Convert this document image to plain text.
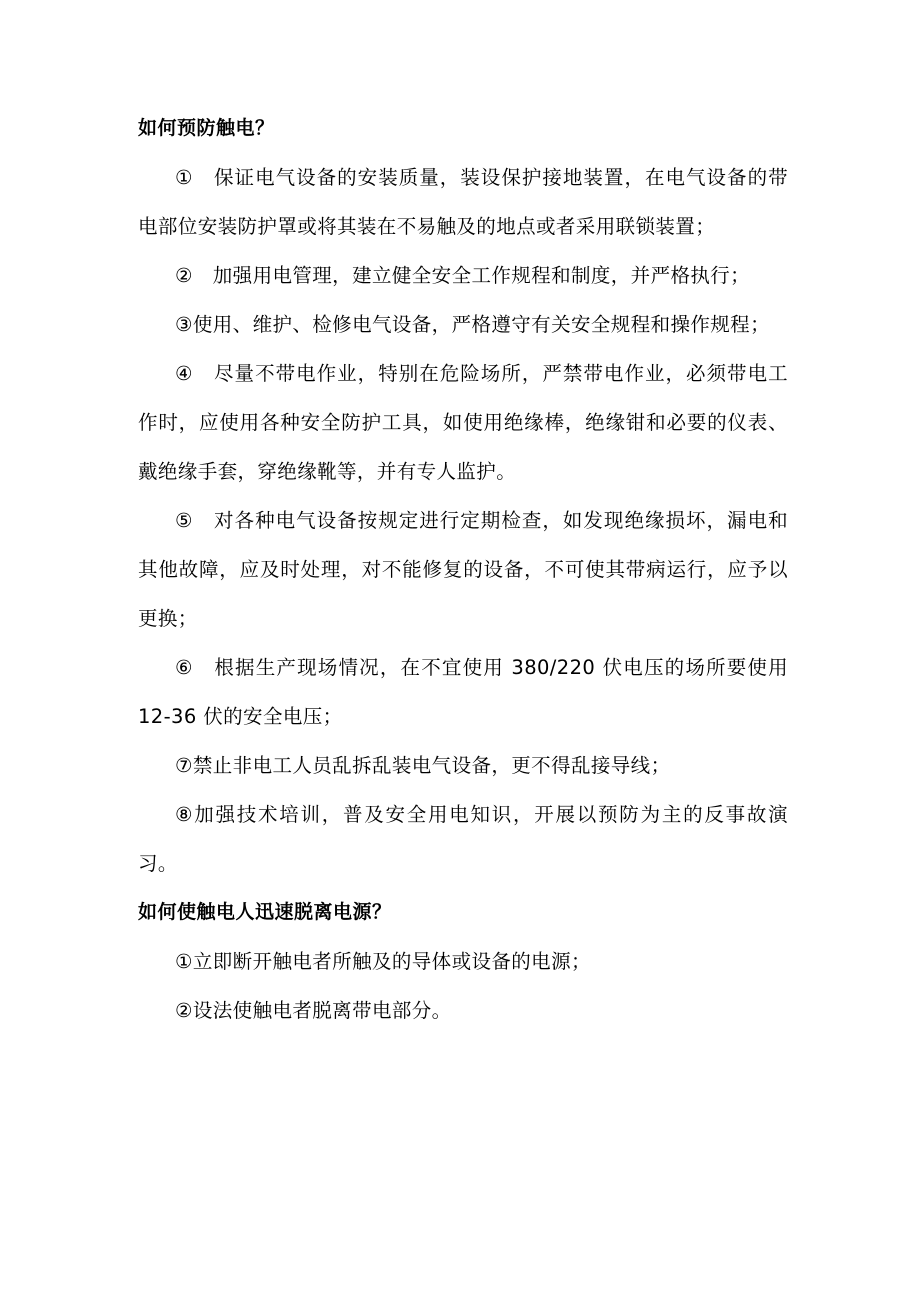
如何预防触电？

①　保证电气设备的安装质量，装设保护接地装置，在电气设备的带电部位安装防护罩或将其装在不易触及的地点或者采用联锁装置；

②　加强用电管理，建立健全安全工作规程和制度，并严格执行；

③使用、维护、检修电气设备，严格遵守有关安全规程和操作规程；

④　尽量不带电作业，特别在危险场所，严禁带电作业，必须带电工作时，应使用各种安全防护工具，如使用绝缘棒，绝缘钳和必要的仪表、戴绝缘手套，穿绝缘靴等，并有专人监护。

⑤　对各种电气设备按规定进行定期检查，如发现绝缘损坏，漏电和其他故障，应及时处理，对不能修复的设备，不可使其带病运行，应予以更换；

⑥　根据生产现场情况，在不宜使用 380/220 伏电压的场所要使用 12-36 伏的安全电压；

⑦禁止非电工人员乱拆乱装电气设备，更不得乱接导线；

⑧加强技术培训，普及安全用电知识，开展以预防为主的反事故演习。

如何使触电人迅速脱离电源？

①立即断开触电者所触及的导体或设备的电源；

②设法使触电者脱离带电部分。
